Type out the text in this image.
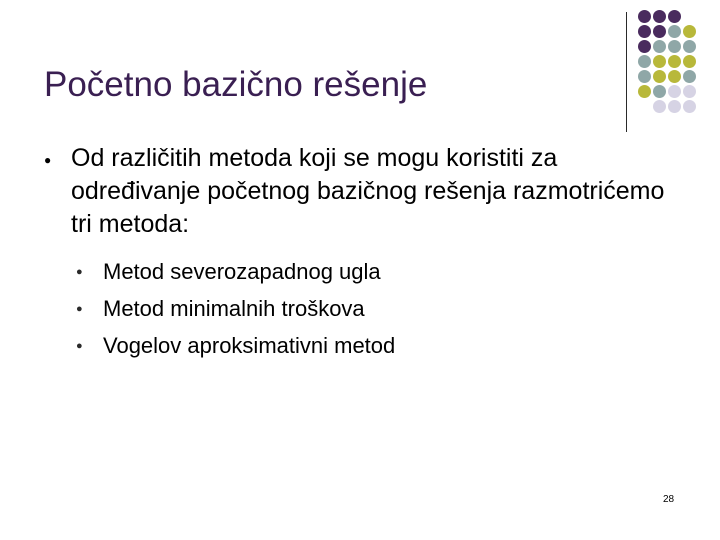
Početno bazično rešenje
● Od različitih metoda koji se mogu koristiti za određivanje početnog bazičnog rešenja razmotrićemo tri metoda:
● Metod severozapadnog ugla
● Metod minimalnih troškova
● Vogelov aproksimativni metod
28
